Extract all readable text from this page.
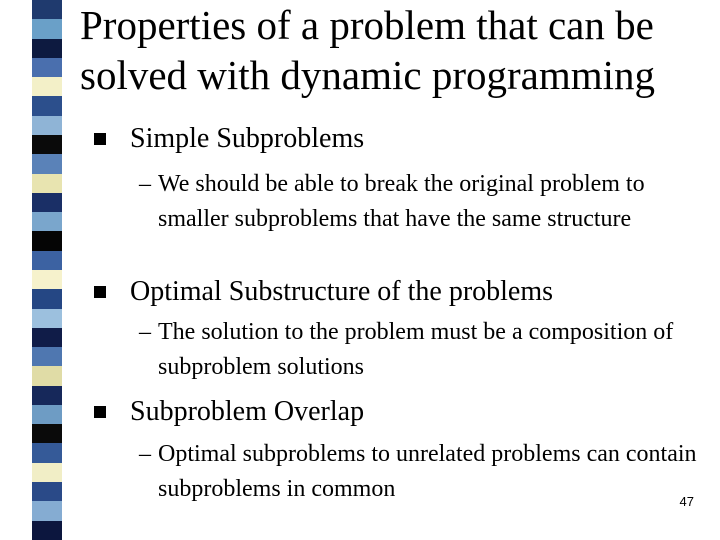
Properties of a problem that can be solved with dynamic programming
Simple Subproblems
– We should be able to break the original problem to smaller subproblems that have the same structure
Optimal Substructure of the problems
– The solution to the problem must be a composition of subproblem solutions
Subproblem Overlap
– Optimal subproblems to unrelated problems can contain subproblems in common	47
